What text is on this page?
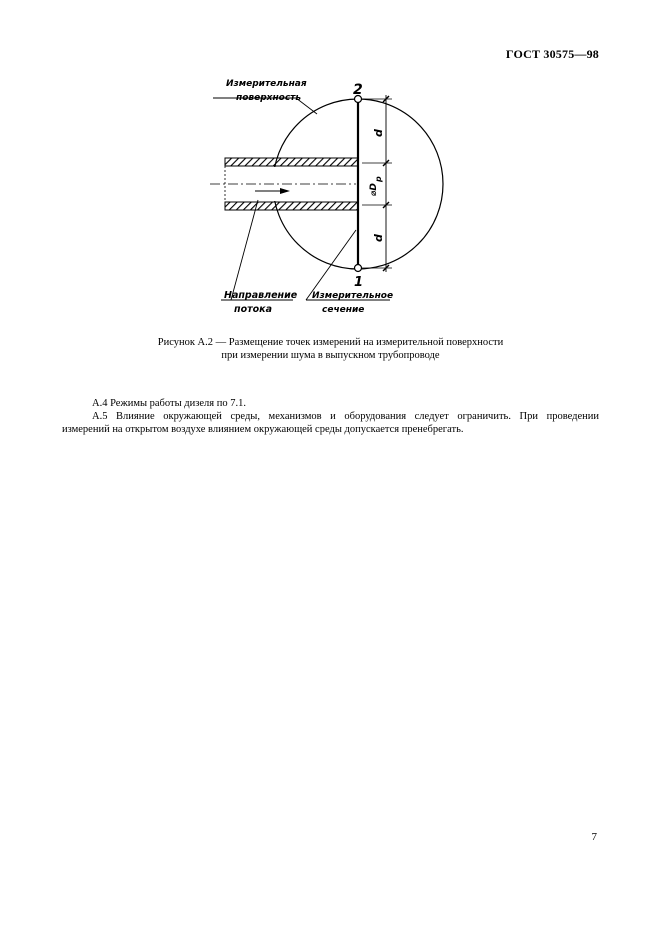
ГОСТ 30575—98
2
1
d
d
⌀D
p
Измерительная
поверхность
Направление
потока
Измерительное
сечение
Рисунок А.2 — Размещение точек измерений на измерительной поверхности
при измерении шума в выпускном трубопроводе
А.4 Режимы работы дизеля по 7.1.
А.5 Влияние окружающей среды, механизмов и оборудования следует ограничить. При проведении
измерений на открытом воздухе влиянием окружающей среды допускается пренебрегать.
7
